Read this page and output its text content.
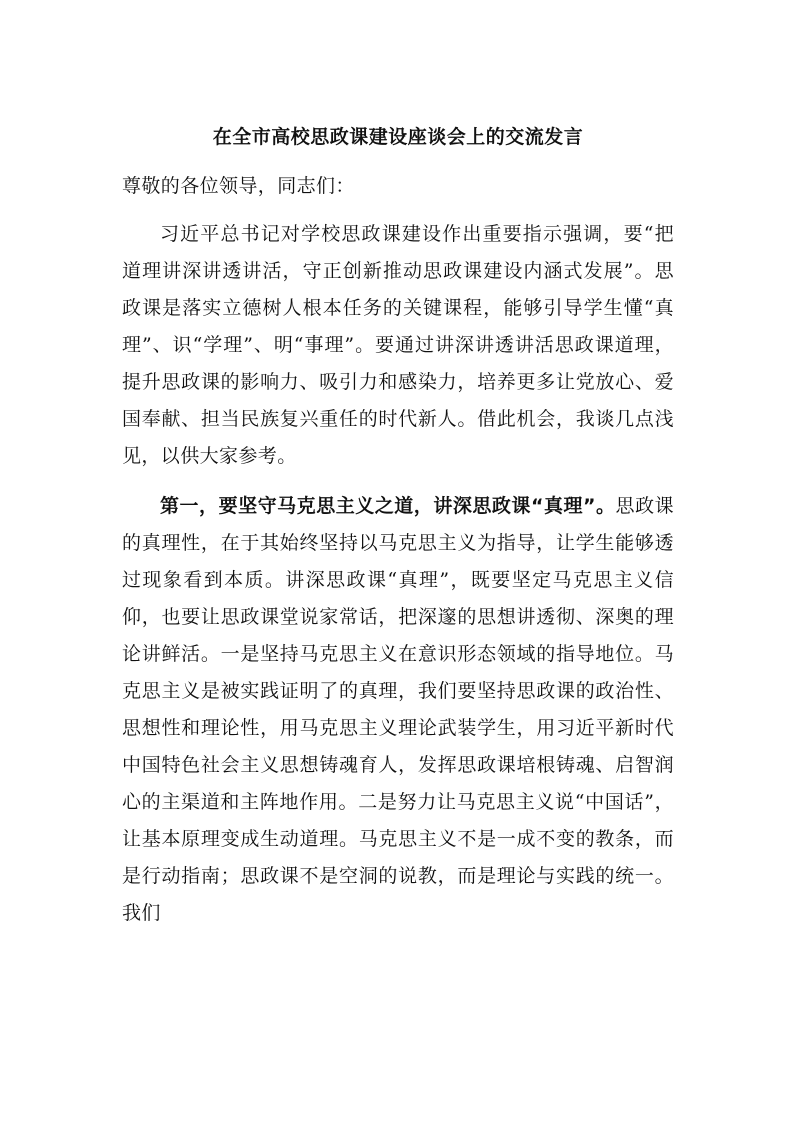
在全市高校思政课建设座谈会上的交流发言

尊敬的各位领导，同志们：

习近平总书记对学校思政课建设作出重要指示强调，要“把道理讲深讲透讲活，守正创新推动思政课建设内涵式发展”。思政课是落实立德树人根本任务的关键课程，能够引导学生懂“真理”、识“学理”、明“事理”。要通过讲深讲透讲活思政课道理，提升思政课的影响力、吸引力和感染力，培养更多让党放心、爱国奉献、担当民族复兴重任的时代新人。借此机会，我谈几点浅见，以供大家参考。

第一，要坚守马克思主义之道，讲深思政课“真理”。思政课的真理性，在于其始终坚持以马克思主义为指导，让学生能够透过现象看到本质。讲深思政课“真理”，既要坚定马克思主义信仰，也要让思政课堂说家常话，把深邃的思想讲透彻、深奥的理论讲鲜活。一是坚持马克思主义在意识形态领域的指导地位。马克思主义是被实践证明了的真理，我们要坚持思政课的政治性、思想性和理论性，用马克思主义理论武装学生，用习近平新时代中国特色社会主义思想铸魂育人，发挥思政课培根铸魂、启智润心的主渠道和主阵地作用。二是努力让马克思主义说“中国话”，让基本原理变成生动道理。马克思主义不是一成不变的教条，而是行动指南；思政课不是空洞的说教，而是理论与实践的统一。我们
